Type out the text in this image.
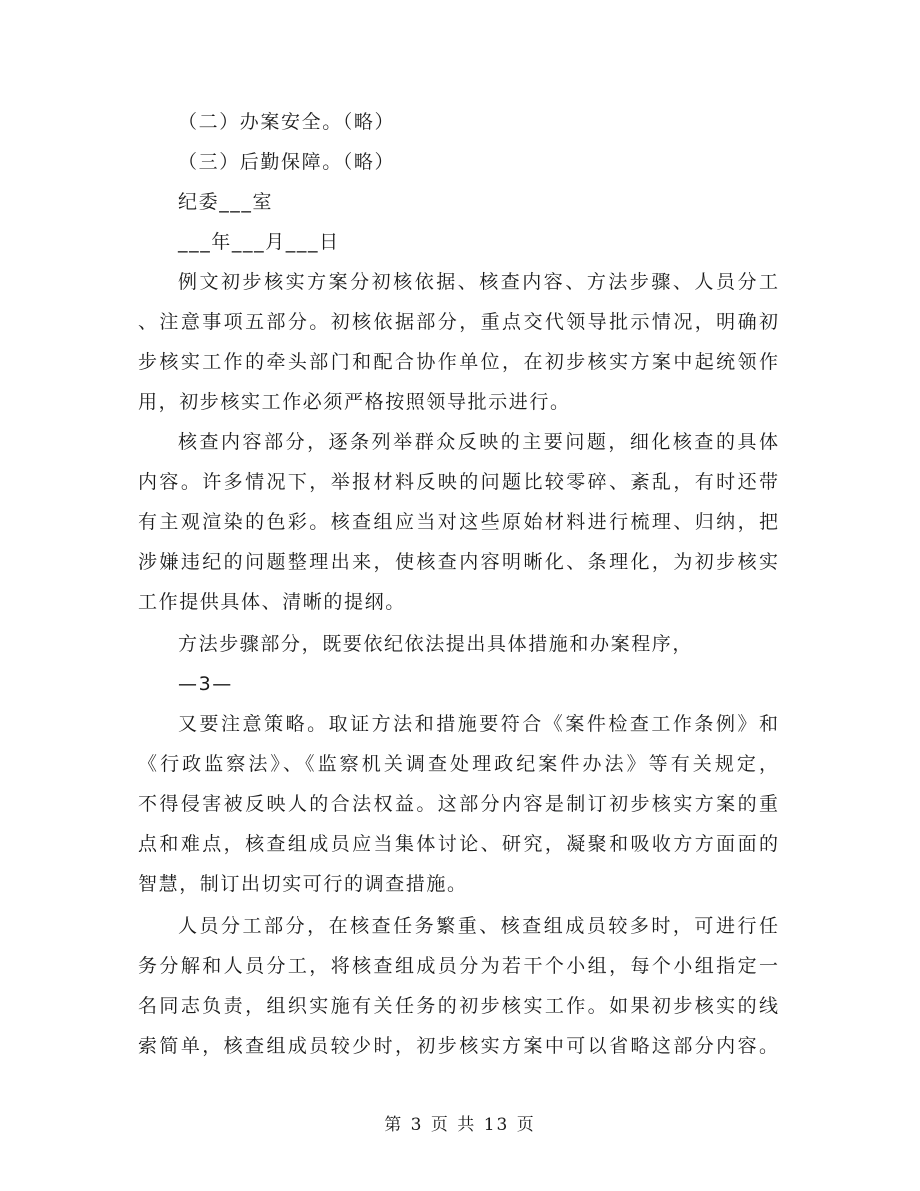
（二）办案安全。（略）
（三）后勤保障。（略）
纪委___室
___年___月___日
例文初步核实方案分初核依据、核查内容、方法步骤、人员分工
、注意事项五部分。初核依据部分，重点交代领导批示情况，明确初
步核实工作的牵头部门和配合协作单位，在初步核实方案中起统领作
用，初步核实工作必须严格按照领导批示进行。
核查内容部分，逐条列举群众反映的主要问题，细化核查的具体
内容。许多情况下，举报材料反映的问题比较零碎、紊乱，有时还带
有主观渲染的色彩。核查组应当对这些原始材料进行梳理、归纳，把
涉嫌违纪的问题整理出来，使核查内容明晰化、条理化，为初步核实
工作提供具体、清晰的提纲。
方法步骤部分，既要依纪依法提出具体措施和办案程序，
—3—
又要注意策略。取证方法和措施要符合《案件检查工作条例》和
《行政监察法》、《监察机关调查处理政纪案件办法》等有关规定，
不得侵害被反映人的合法权益。这部分内容是制订初步核实方案的重
点和难点，核查组成员应当集体讨论、研究，凝聚和吸收方方面面的
智慧，制订出切实可行的调查措施。
人员分工部分，在核查任务繁重、核查组成员较多时，可进行任
务分解和人员分工，将核查组成员分为若干个小组，每个小组指定一
名同志负责，组织实施有关任务的初步核实工作。如果初步核实的线
索简单，核查组成员较少时，初步核实方案中可以省略这部分内容。
第 3 页 共 13 页
